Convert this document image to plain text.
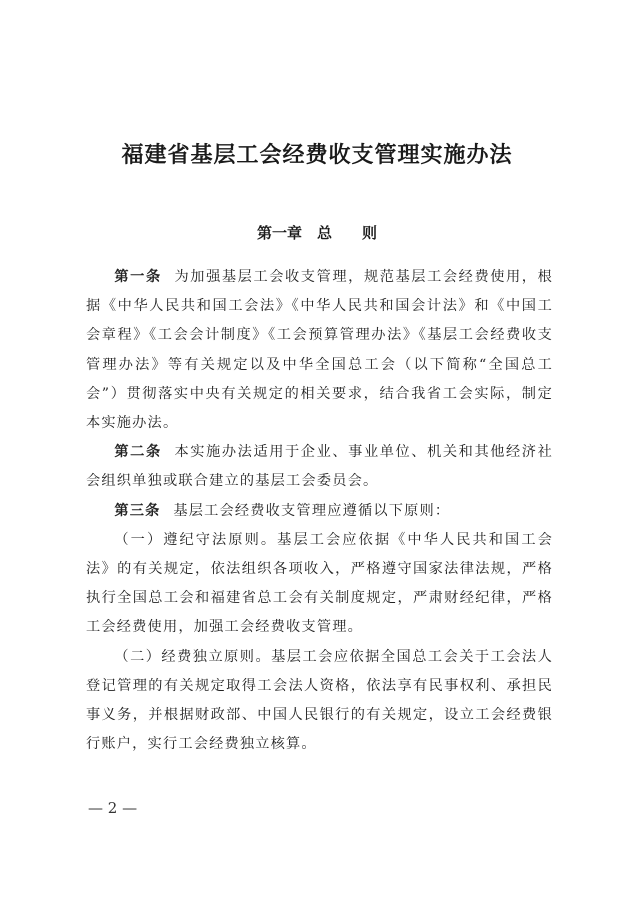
福建省基层工会经费收支管理实施办法
第一章　总　　则

第一条 为加强基层工会收支管理，规范基层工会经费使用，根据《中华人民共和国工会法》《中华人民共和国会计法》和《中国工会章程》《工会会计制度》《工会预算管理办法》《基层工会经费收支管理办法》等有关规定以及中华全国总工会（以下简称“全国总工会”）贯彻落实中央有关规定的相关要求，结合我省工会实际，制定本实施办法。

第二条 本实施办法适用于企业、事业单位、机关和其他经济社会组织单独或联合建立的基层工会委员会。

第三条 基层工会经费收支管理应遵循以下原则：

（一）遵纪守法原则。基层工会应依据《中华人民共和国工会法》的有关规定，依法组织各项收入，严格遵守国家法律法规，严格执行全国总工会和福建省总工会有关制度规定，严肃财经纪律，严格工会经费使用，加强工会经费收支管理。

（二）经费独立原则。基层工会应依据全国总工会关于工会法人登记管理的有关规定取得工会法人资格，依法享有民事权利、承担民事义务，并根据财政部、中国人民银行的有关规定，设立工会经费银行账户，实行工会经费独立核算。

— 2 —
